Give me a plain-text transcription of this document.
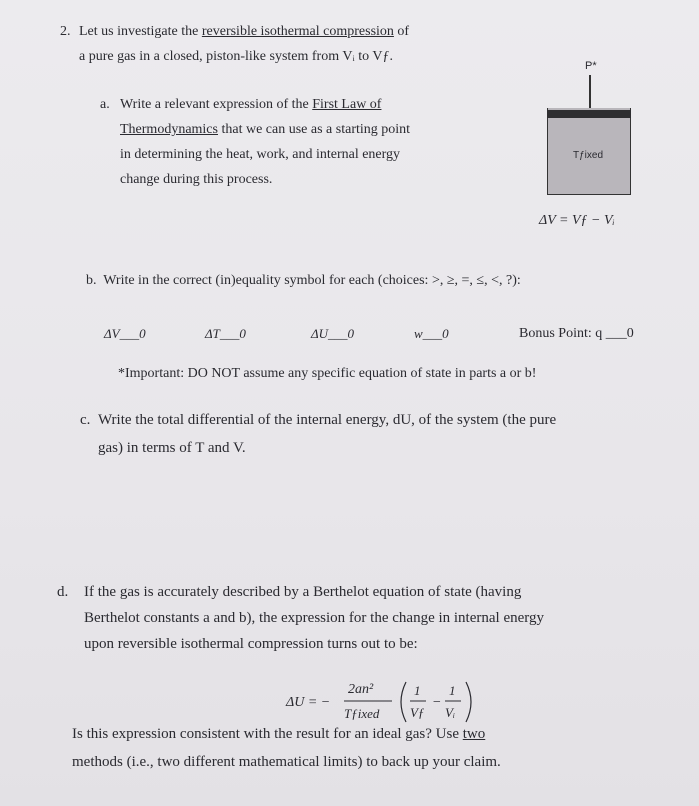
2. Let us investigate the reversible isothermal compression of
a pure gas in a closed, piston-like system from Vᵢ to Vƒ.
a. Write a relevant expression of the First Law of
Thermodynamics that we can use as a starting point
in determining the heat, work, and internal energy
change during this process.
P*
Tƒixed
ΔV = Vƒ − Vᵢ
b. Write in the correct (in)equality symbol for each (choices: >, ≥, =, ≤, <, ?):
ΔV___0	ΔT___0	ΔU___0	w___0	Bonus Point: q ___0
*Important: DO NOT assume any specific equation of state in parts a or b!
c. Write the total differential of the internal energy, dU, of the system (the pure
gas) in terms of T and V.
d. If the gas is accurately described by a Berthelot equation of state (having
Berthelot constants a and b), the expression for the change in internal energy
upon reversible isothermal compression turns out to be:
ΔU = −
2an²
Tƒixed
1
Vƒ
−
1
Vᵢ
Is this expression consistent with the result for an ideal gas? Use two
methods (i.e., two different mathematical limits) to back up your claim.
